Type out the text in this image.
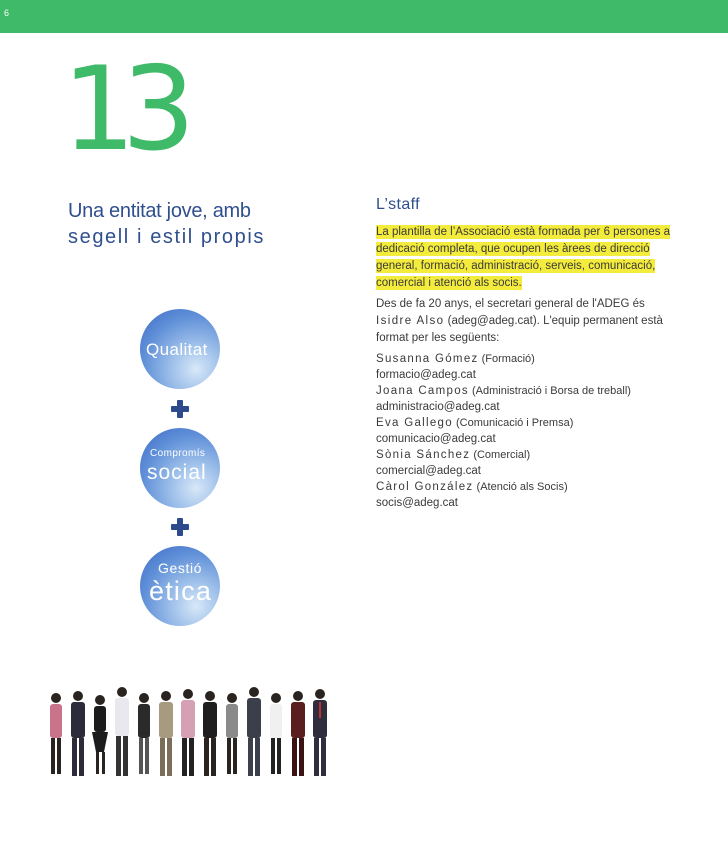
6
13
Una entitat jove, amb
segell i estil propis
Qualitat
Compromís
social
Gestió
ètica
L’staff
La plantilla de l’Associació està formada per 6 persones a dedicació completa, que ocupen les àrees de direcció general, formació, administració, serveis, comunicació, comercial i atenció als socis.
Des de fa 20 anys, el secretari general de l'ADEG és Isidre Also (adeg@adeg.cat). L'equip permanent està format per les següents:
Susanna Gómez (Formació)
formacio@adeg.cat
Joana Campos (Administració i Borsa de treball)
administracio@adeg.cat
Eva Gallego (Comunicació i Premsa)
comunicacio@adeg.cat
Sònia Sánchez (Comercial)
comercial@adeg.cat
Càrol González (Atenció als Socis)
socis@adeg.cat
